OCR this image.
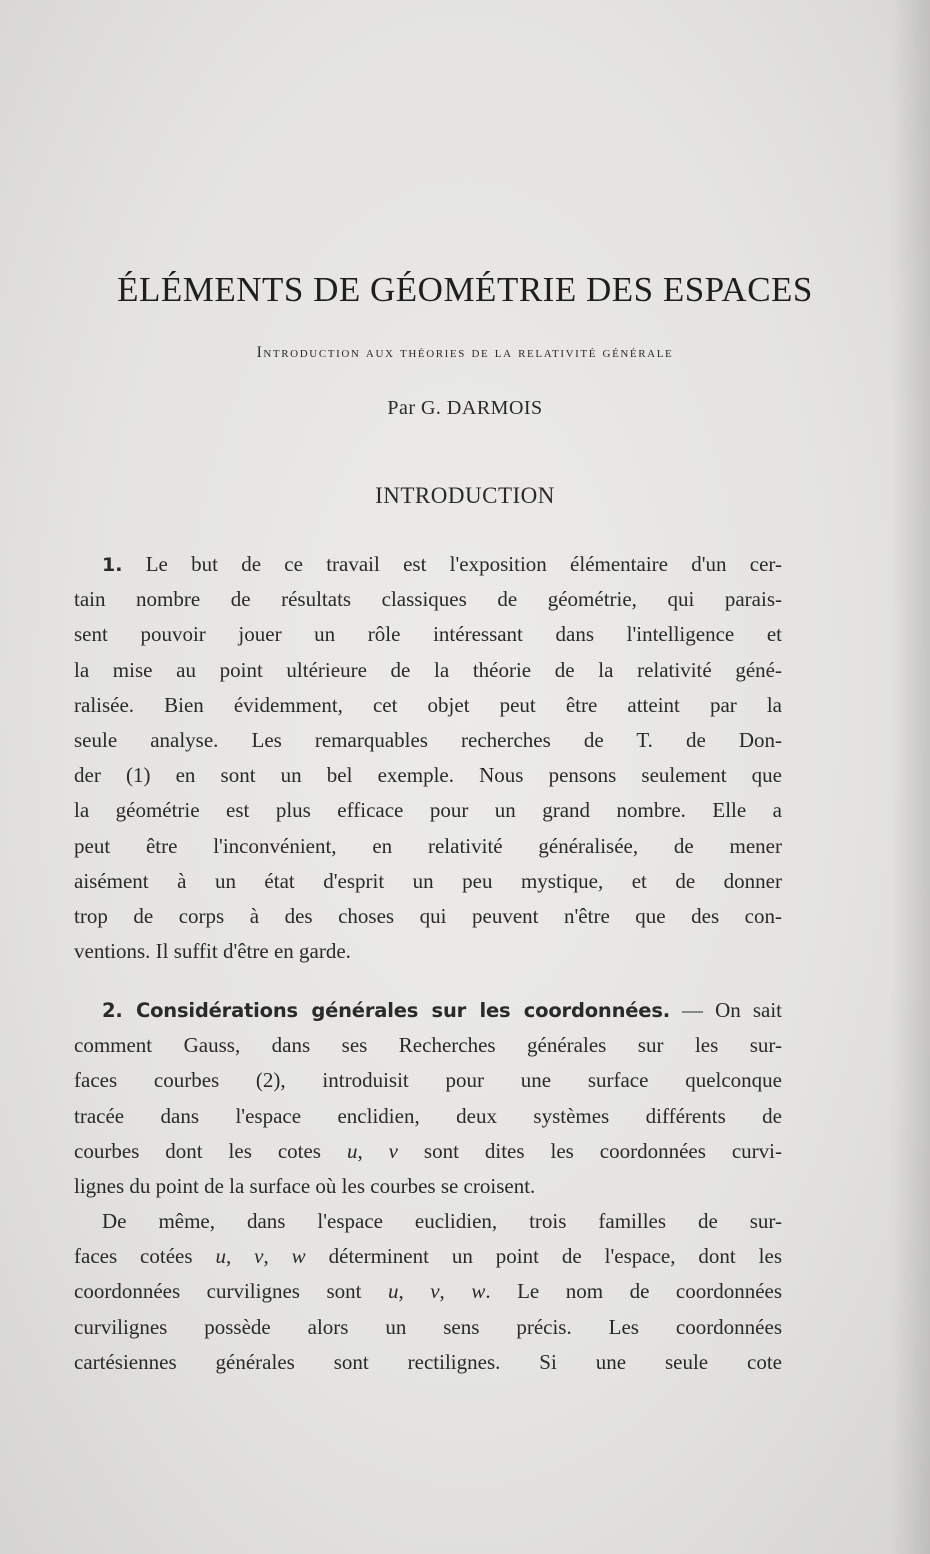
ÉLÉMENTS DE GÉOMÉTRIE DES ESPACES
Introduction aux théories de la relativité générale
Par G. DARMOIS
INTRODUCTION
1. Le but de ce travail est l'exposition élémentaire d'un cer-
tain nombre de résultats classiques de géométrie, qui parais-
sent pouvoir jouer un rôle intéressant dans l'intelligence et
la mise au point ultérieure de la théorie de la relativité géné-
ralisée. Bien évidemment, cet objet peut être atteint par la
seule analyse. Les remarquables recherches de T. de Don-
der (1) en sont un bel exemple. Nous pensons seulement que
la géométrie est plus efficace pour un grand nombre. Elle a
peut être l'inconvénient, en relativité généralisée, de mener
aisément à un état d'esprit un peu mystique, et de donner
trop de corps à des choses qui peuvent n'être que des con-
ventions. Il suffit d'être en garde.
2. Considérations générales sur les coordonnées. — On sait
comment Gauss, dans ses Recherches générales sur les sur-
faces courbes (2), introduisit pour une surface quelconque
tracée dans l'espace enclidien, deux systèmes différents de
courbes dont les cotes u, v sont dites les coordonnées curvi-
lignes du point de la surface où les courbes se croisent.
De même, dans l'espace euclidien, trois familles de sur-
faces cotées u, v, w déterminent un point de l'espace, dont les
coordonnées curvilignes sont u, v, w. Le nom de coordonnées
curvilignes possède alors un sens précis. Les coordonnées
cartésiennes générales sont rectilignes. Si une seule cote
